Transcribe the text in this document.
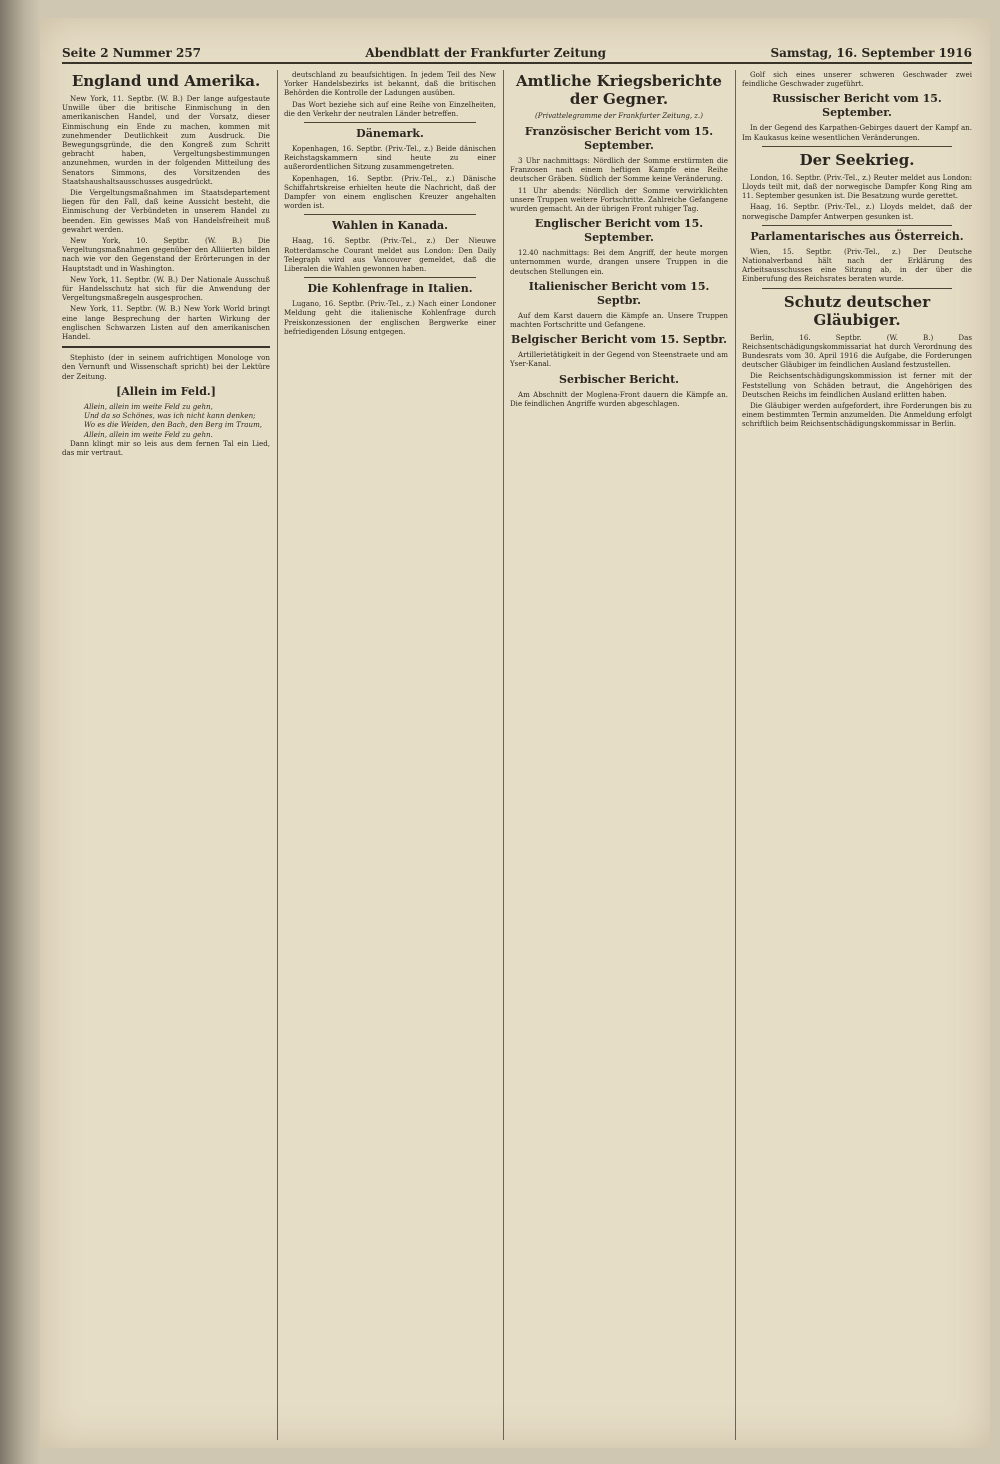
Seite 2 Nummer 257	Abendblatt der Frankfurter Zeitung	Samstag, 16. September 1916
England und Amerika.

New York, 11. Septbr. (W. B.) Der lange aufgestaute Unwille über die britische Einmischung in den amerikanischen Handel, und der Vorsatz, dieser Einmischung ein Ende zu machen, kommen mit zunehmender Deutlichkeit zum Ausdruck. Die Bewegungsgründe, die den Kongreß zum Schritt gebracht haben, Vergeltungsbestimmungen anzunehmen, wurden in der folgenden Mitteilung des Senators Simmons, des Vorsitzenden des Staatshaushaltsausschusses ausgedrückt.

Die Vergeltungsmaßnahmen im Staatsdepartement liegen für den Fall, daß keine Aussicht besteht, die Einmischung der Verbündeten in unserem Handel zu beenden. Ein gewisses Maß von Handelsfreiheit muß gewahrt werden.

New York, 10. Septbr. (W. B.) Die Vergeltungsmaßnahmen gegenüber den Alliierten bilden nach wie vor den Gegenstand der Erörterungen in der Hauptstadt und in Washington.

New York, 11. Septbr. (W. B.) Der Nationale Ausschuß für Handelsschutz hat sich für die Anwendung der Vergeltungsmaßregeln ausgesprochen.

New York, 11. Septbr. (W. B.) New York World bringt eine lange Besprechung der harten Wirkung der englischen Schwarzen Listen auf den amerikanischen Handel.

Stephisto (der in seinem aufrichtigen Monologe von den Vernunft und Wissenschaft spricht) bei der Lektüre der Zeitung.

[Allein im Feld.]
Allein, allein im weite Feld zu gehn,
Und da so Schönes, was ich nicht kann denken;
Wo es die Weiden, den Bach, den Berg im Traum,
Allein, allein im weite Feld zu gehn.

Dann klingt mir so leis aus dem fernen Tal ein Lied, das mir vertraut.

deutschland zu beaufsichtigen. In jedem Teil des New Yorker Handelsbezirks ist bekannt, daß die britischen Behörden die Kontrolle der Ladungen ausüben.

Das Wort beziehe sich auf eine Reihe von Einzelheiten, die den Verkehr der neutralen Länder betreffen.

Dänemark.

Kopenhagen, 16. Septbr. (Priv.-Tel., z.) Beide dänischen Reichstagskammern sind heute zu einer außerordentlichen Sitzung zusammengetreten.

Kopenhagen, 16. Septbr. (Priv.-Tel., z.) Dänische Schiffahrtskreise erhielten heute die Nachricht, daß der Dampfer von einem englischen Kreuzer angehalten worden ist.

Wahlen in Kanada.

Haag, 16. Septbr. (Priv.-Tel., z.) Der Nieuwe Rotterdamsche Courant meldet aus London: Den Daily Telegraph wird aus Vancouver gemeldet, daß die Liberalen die Wahlen gewonnen haben.

Die Kohlenfrage in Italien.

Lugano, 16. Septbr. (Priv.-Tel., z.) Nach einer Londoner Meldung geht die italienische Kohlenfrage durch Preiskonzessionen der englischen Bergwerke einer befriedigenden Lösung entgegen.

Amtliche Kriegsberichte der Gegner.
(Privattelegramme der Frankfurter Zeitung, z.)
Französischer Bericht vom 15. September.

3 Uhr nachmittags: Nördlich der Somme erstürmten die Franzosen nach einem heftigen Kampfe eine Reihe deutscher Gräben. Südlich der Somme keine Veränderung.

11 Uhr abends: Nördlich der Somme verwirklichten unsere Truppen weitere Fortschritte. Zahlreiche Gefangene wurden gemacht. An der übrigen Front ruhiger Tag.

Englischer Bericht vom 15. September.

12.40 nachmittags: Bei dem Angriff, der heute morgen unternommen wurde, drangen unsere Truppen in die deutschen Stellungen ein.

Italienischer Bericht vom 15. Septbr.

Auf dem Karst dauern die Kämpfe an. Unsere Truppen machten Fortschritte und Gefangene.

Belgischer Bericht vom 15. Septbr.

Artillerietätigkeit in der Gegend von Steenstraete und am Yser-Kanal.

Serbischer Bericht.

Am Abschnitt der Moglena-Front dauern die Kämpfe an. Die feindlichen Angriffe wurden abgeschlagen.

Golf sich eines unserer schweren Geschwader zwei feindliche Geschwader zugeführt.

Russischer Bericht vom 15. September.

In der Gegend des Karpathen-Gebirges dauert der Kampf an. Im Kaukasus keine wesentlichen Veränderungen.

Der Seekrieg.

London, 16. Septbr. (Priv.-Tel., z.) Reuter meldet aus London: Lloyds teilt mit, daß der norwegische Dampfer Kong Ring am 11. September gesunken ist. Die Besatzung wurde gerettet.

Haag, 16. Septbr. (Priv.-Tel., z.) Lloyds meldet, daß der norwegische Dampfer Antwerpen gesunken ist.

Parlamentarisches aus Österreich.

Wien, 15. Septbr. (Priv.-Tel., z.) Der Deutsche Nationalverband hält nach der Erklärung des Arbeitsausschusses eine Sitzung ab, in der über die Einberufung des Reichsrates beraten wurde.

Schutz deutscher Gläubiger.

Berlin, 16. Septbr. (W. B.) Das Reichsentschädigungskommissariat hat durch Verordnung des Bundesrats vom 30. April 1916 die Aufgabe, die Forderungen deutscher Gläubiger im feindlichen Ausland festzustellen.

Die Reichsentschädigungskommission ist ferner mit der Feststellung von Schäden betraut, die Angehörigen des Deutschen Reichs im feindlichen Ausland erlitten haben.

Die Gläubiger werden aufgefordert, ihre Forderungen bis zu einem bestimmten Termin anzumelden. Die Anmeldung erfolgt schriftlich beim Reichsentschädigungskommissar in Berlin.
